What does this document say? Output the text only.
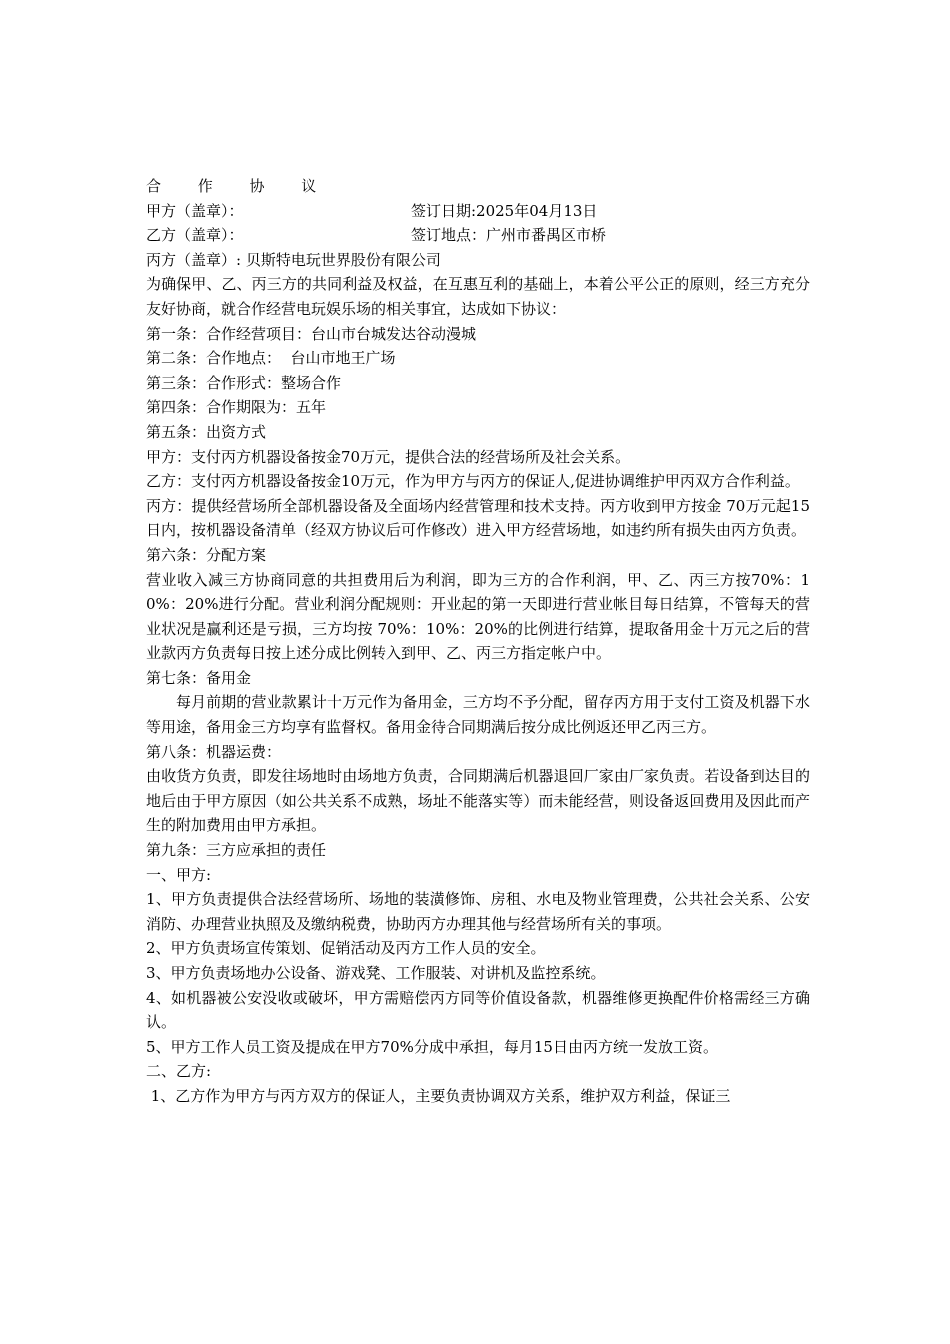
合 作 协 议
甲方（盖章）：	签订日期:2025年04月13日
乙方（盖章）：	签订地点：广州市番禺区市桥
丙方（盖章）: 贝斯特电玩世界股份有限公司
为确保甲、乙、丙三方的共同利益及权益，在互惠互利的基础上，本着公平公正的原则，经三方充分友好协商，就合作经营电玩娱乐场的相关事宜，达成如下协议：
第一条：合作经营项目：台山市台城发达谷动漫城
第二条：合作地点：  台山市地王广场
第三条：合作形式：整场合作
第四条：合作期限为：五年
第五条：出资方式
甲方：支付丙方机器设备按金70万元，提供合法的经营场所及社会关系。
乙方：支付丙方机器设备按金10万元，作为甲方与丙方的保证人,促进协调维护甲丙双方合作利益。
丙方：提供经营场所全部机器设备及全面场内经营管理和技术支持。丙方收到甲方按金 70万元起15日内，按机器设备清单（经双方协议后可作修改）进入甲方经营场地，如违约所有损失由丙方负责。
第六条：分配方案
营业收入减三方协商同意的共担费用后为利润，即为三方的合作利润，甲、乙、丙三方按70%：10%：20%进行分配。营业利润分配规则：开业起的第一天即进行营业帐目每日结算，不管每天的营业状况是赢利还是亏损，三方均按 70%：10%：20%的比例进行结算，提取备用金十万元之后的营业款丙方负责每日按上述分成比例转入到甲、乙、丙三方指定帐户中。
第七条：备用金
每月前期的营业款累计十万元作为备用金，三方均不予分配，留存丙方用于支付工资及机器下水等用途，备用金三方均享有监督权。备用金待合同期满后按分成比例返还甲乙丙三方。
第八条：机器运费：
由收货方负责，即发往场地时由场地方负责，合同期满后机器退回厂家由厂家负责。若设备到达目的地后由于甲方原因（如公共关系不成熟，场址不能落实等）而未能经营，则设备返回费用及因此而产生的附加费用由甲方承担。
第九条：三方应承担的责任
一、甲方:
1、甲方负责提供合法经营场所、场地的装潢修饰、房租、水电及物业管理费，公共社会关系、公安消防、办理营业执照及及缴纳税费，协助丙方办理其他与经营场所有关的事项。
2、甲方负责场宣传策划、促销活动及丙方工作人员的安全。
3、甲方负责场地办公设备、游戏凳、工作服装、对讲机及监控系统。
4、如机器被公安没收或破坏，甲方需赔偿丙方同等价值设备款，机器维修更换配件价格需经三方确认。
5、甲方工作人员工资及提成在甲方70%分成中承担，每月15日由丙方统一发放工资。
二、乙方:
1、乙方作为甲方与丙方双方的保证人，主要负责协调双方关系，维护双方利益，保证三
